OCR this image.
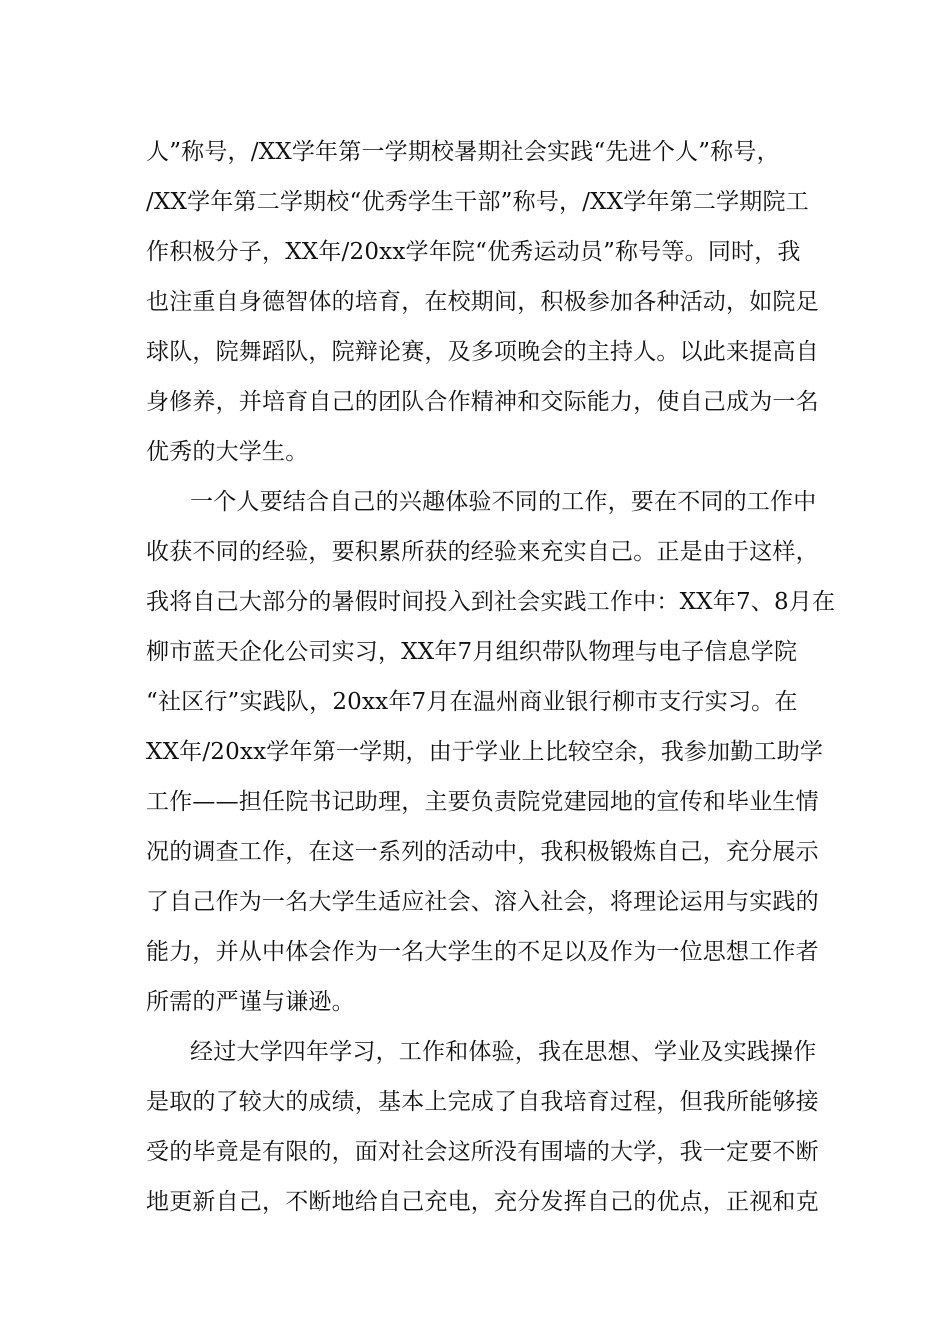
人”称号，/XX学年第一学期校暑期社会实践“先进个人”称号，
/XX学年第二学期校“优秀学生干部”称号，/XX学年第二学期院工
作积极分子，XX年/20xx学年院“优秀运动员”称号等。同时，我
也注重自身德智体的培育，在校期间，积极参加各种活动，如院足
球队，院舞蹈队，院辩论赛，及多项晚会的主持人。以此来提高自
身修养，并培育自己的团队合作精神和交际能力，使自己成为一名
优秀的大学生。
一个人要结合自己的兴趣体验不同的工作，要在不同的工作中
收获不同的经验，要积累所获的经验来充实自己。正是由于这样，
我将自己大部分的暑假时间投入到社会实践工作中：XX年7、8月在
柳市蓝天企化公司实习，XX年7月组织带队物理与电子信息学院
“社区行”实践队，20xx年7月在温州商业银行柳市支行实习。在
XX年/20xx学年第一学期，由于学业上比较空余，我参加勤工助学
工作——担任院书记助理，主要负责院党建园地的宣传和毕业生情
况的调查工作，在这一系列的活动中，我积极锻炼自己，充分展示
了自己作为一名大学生适应社会、溶入社会，将理论运用与实践的
能力，并从中体会作为一名大学生的不足以及作为一位思想工作者
所需的严谨与谦逊。
经过大学四年学习，工作和体验，我在思想、学业及实践操作
是取的了较大的成绩，基本上完成了自我培育过程，但我所能够接
受的毕竟是有限的，面对社会这所没有围墙的大学，我一定要不断
地更新自己，不断地给自己充电，充分发挥自己的优点，正视和克
